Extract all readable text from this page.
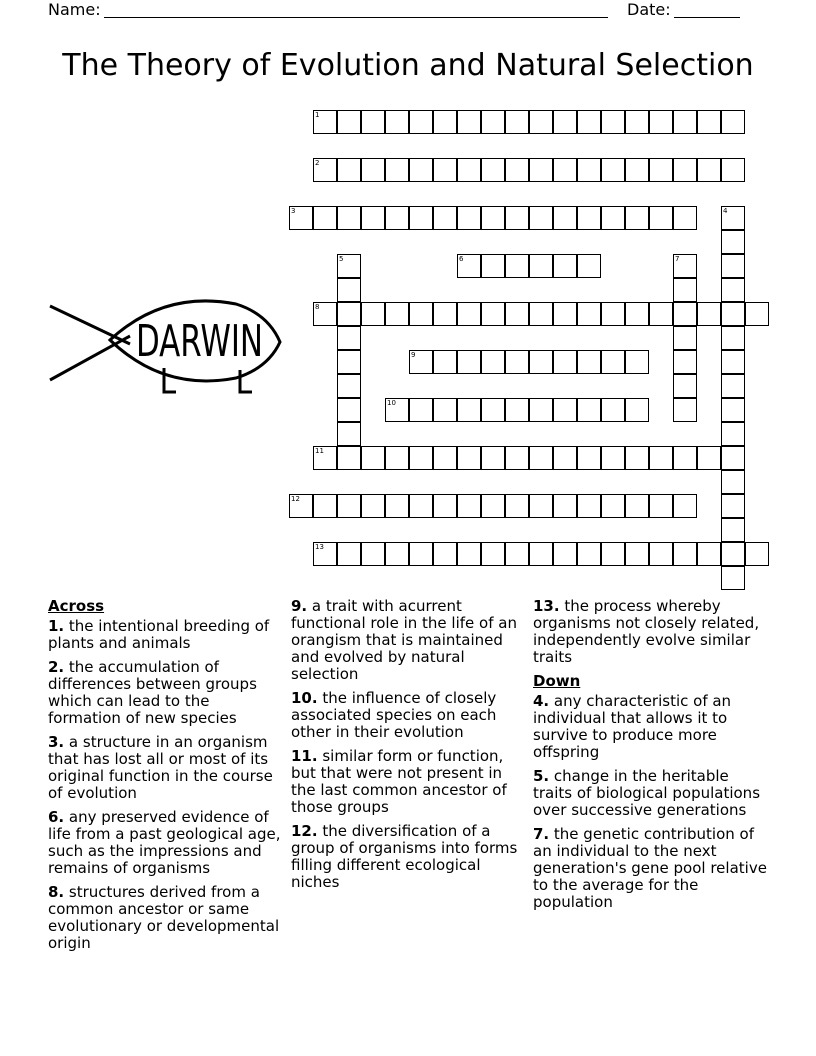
Name:	Date:
The Theory of Evolution and Natural Selection
1
2
3	4
5	6	7
8
9
10
11
12
13
DARWIN
Across
1. the intentional breeding of plants and animals
2. the accumulation of differences between groups which can lead to the formation of new species
3. a structure in an organism that has lost all or most of its original function in the course of evolution
6. any preserved evidence of life from a past geological age, such as the impressions and remains of organisms
8. structures derived from a common ancestor or same evolutionary or developmental origin
9. a trait with acurrent functional role in the life of an orangism that is maintained and evolved by natural selection
10. the influence of closely associated species on each other in their evolution
11. similar form or function, but that were not present in the last common ancestor of those groups
12. the diversification of a group of organisms into forms filling different ecological niches
13. the process whereby organisms not closely related, independently evolve similar traits
Down
4. any characteristic of an individual that allows it to survive to produce more offspring
5. change in the heritable traits of biological populations over successive generations
7. the genetic contribution of an individual to the next generation's gene pool relative to the average for the population
